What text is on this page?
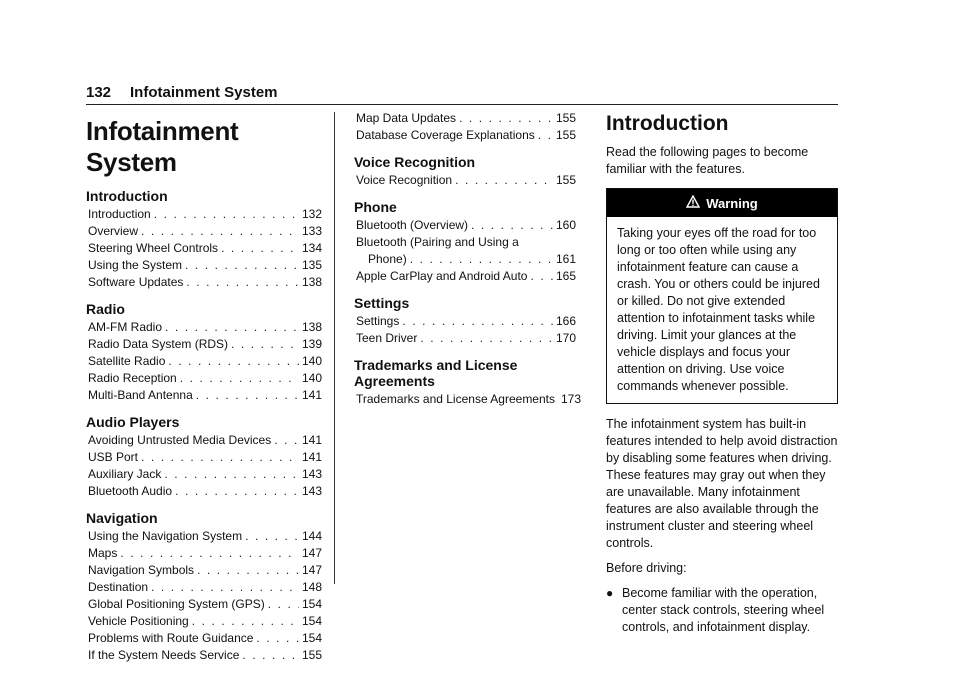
132 Infotainment System
Infotainment System
Introduction
Introduction . . .	132
Overview . . .	133
Steering Wheel Controls . . .	134
Using the System . . .	135
Software Updates . . .	138
Radio
AM-FM Radio . . .	138
Radio Data System (RDS) . . .	139
Satellite Radio . . .	140
Radio Reception . . .	140
Multi-Band Antenna . . .	141
Audio Players
Avoiding Untrusted Media Devices . . .	141
USB Port . . .	141
Auxiliary Jack . . .	143
Bluetooth Audio . . .	143
Navigation
Using the Navigation System . . .	144
Maps . . .	147
Navigation Symbols . . .	147
Destination . . .	148
Global Positioning System (GPS) . . .	154
Vehicle Positioning . . .	154
Problems with Route Guidance . . .	154
If the System Needs Service . . .	155
Map Data Updates . . .	155
Database Coverage Explanations . . . 155
Voice Recognition
Voice Recognition . . .	155
Phone
Bluetooth (Overview) . . .	160
Bluetooth (Pairing and Using a
Phone) . . .	161
Apple CarPlay and Android Auto . . . 165
Settings
Settings . . .	166
Teen Driver . . .	170
Trademarks and License Agreements
Trademarks and License Agreements 173
Introduction

Read the following pages to become familiar with the features.

Warning
Taking your eyes off the road for too long or too often while using any infotainment feature can cause a crash. You or others could be injured or killed. Do not give extended attention to infotainment tasks while driving. Limit your glances at the vehicle displays and focus your attention on driving. Use voice commands whenever possible.

The infotainment system has built-in features intended to help avoid distraction by disabling some features when driving. These features may gray out when they are unavailable. Many infotainment features are also available through the instrument cluster and steering wheel controls.

Before driving:

● Become familiar with the operation, center stack controls, steering wheel controls, and infotainment display.
